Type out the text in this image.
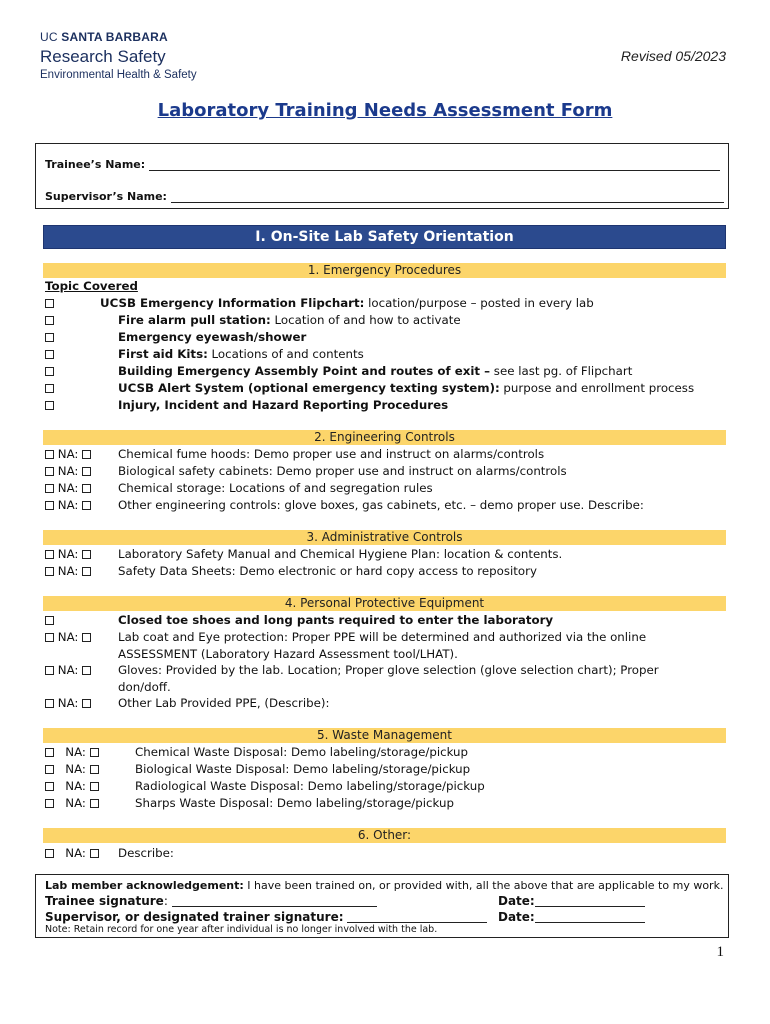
UC SANTA BARBARA
Research Safety
Environmental Health & Safety
Revised 05/2023
Laboratory Training Needs Assessment Form
Trainee’s Name:
Supervisor’s Name:
I. On-Site Lab Safety Orientation
1. Emergency Procedures
Topic Covered
UCSB Emergency Information Flipchart: location/purpose – posted in every lab
Fire alarm pull station: Location of and how to activate
Emergency eyewash/shower
First aid Kits: Locations of and contents
Building Emergency Assembly Point and routes of exit – see last pg. of Flipchart
UCSB Alert System (optional emergency texting system): purpose and enrollment process
Injury, Incident and Hazard Reporting Procedures
2. Engineering Controls
NA:	Chemical fume hoods: Demo proper use and instruct on alarms/controls
NA:	Biological safety cabinets: Demo proper use and instruct on alarms/controls
NA:	Chemical storage: Locations of and segregation rules
NA:	Other engineering controls: glove boxes, gas cabinets, etc. – demo proper use. Describe:
3. Administrative Controls
NA:	Laboratory Safety Manual and Chemical Hygiene Plan: location & contents.
NA:	Safety Data Sheets: Demo electronic or hard copy access to repository
4. Personal Protective Equipment
Closed toe shoes and long pants required to enter the laboratory
NA:	Lab coat and Eye protection: Proper PPE will be determined and authorized via the online
ASSESSMENT (Laboratory Hazard Assessment tool/LHAT).
NA:	Gloves: Provided by the lab. Location; Proper glove selection (glove selection chart); Proper
don/doff.
NA:	Other Lab Provided PPE, (Describe):
5. Waste Management
NA:	Chemical Waste Disposal: Demo labeling/storage/pickup
NA:	Biological Waste Disposal: Demo labeling/storage/pickup
NA:	Radiological Waste Disposal: Demo labeling/storage/pickup
NA:	Sharps Waste Disposal: Demo labeling/storage/pickup
6. Other:
NA:	Describe:
Lab member acknowledgement: I have been trained on, or provided with, all the above that are applicable to my work.
Trainee signature:	Date:
Supervisor, or designated trainer signature:	Date:
Note: Retain record for one year after individual is no longer involved with the lab.
1
